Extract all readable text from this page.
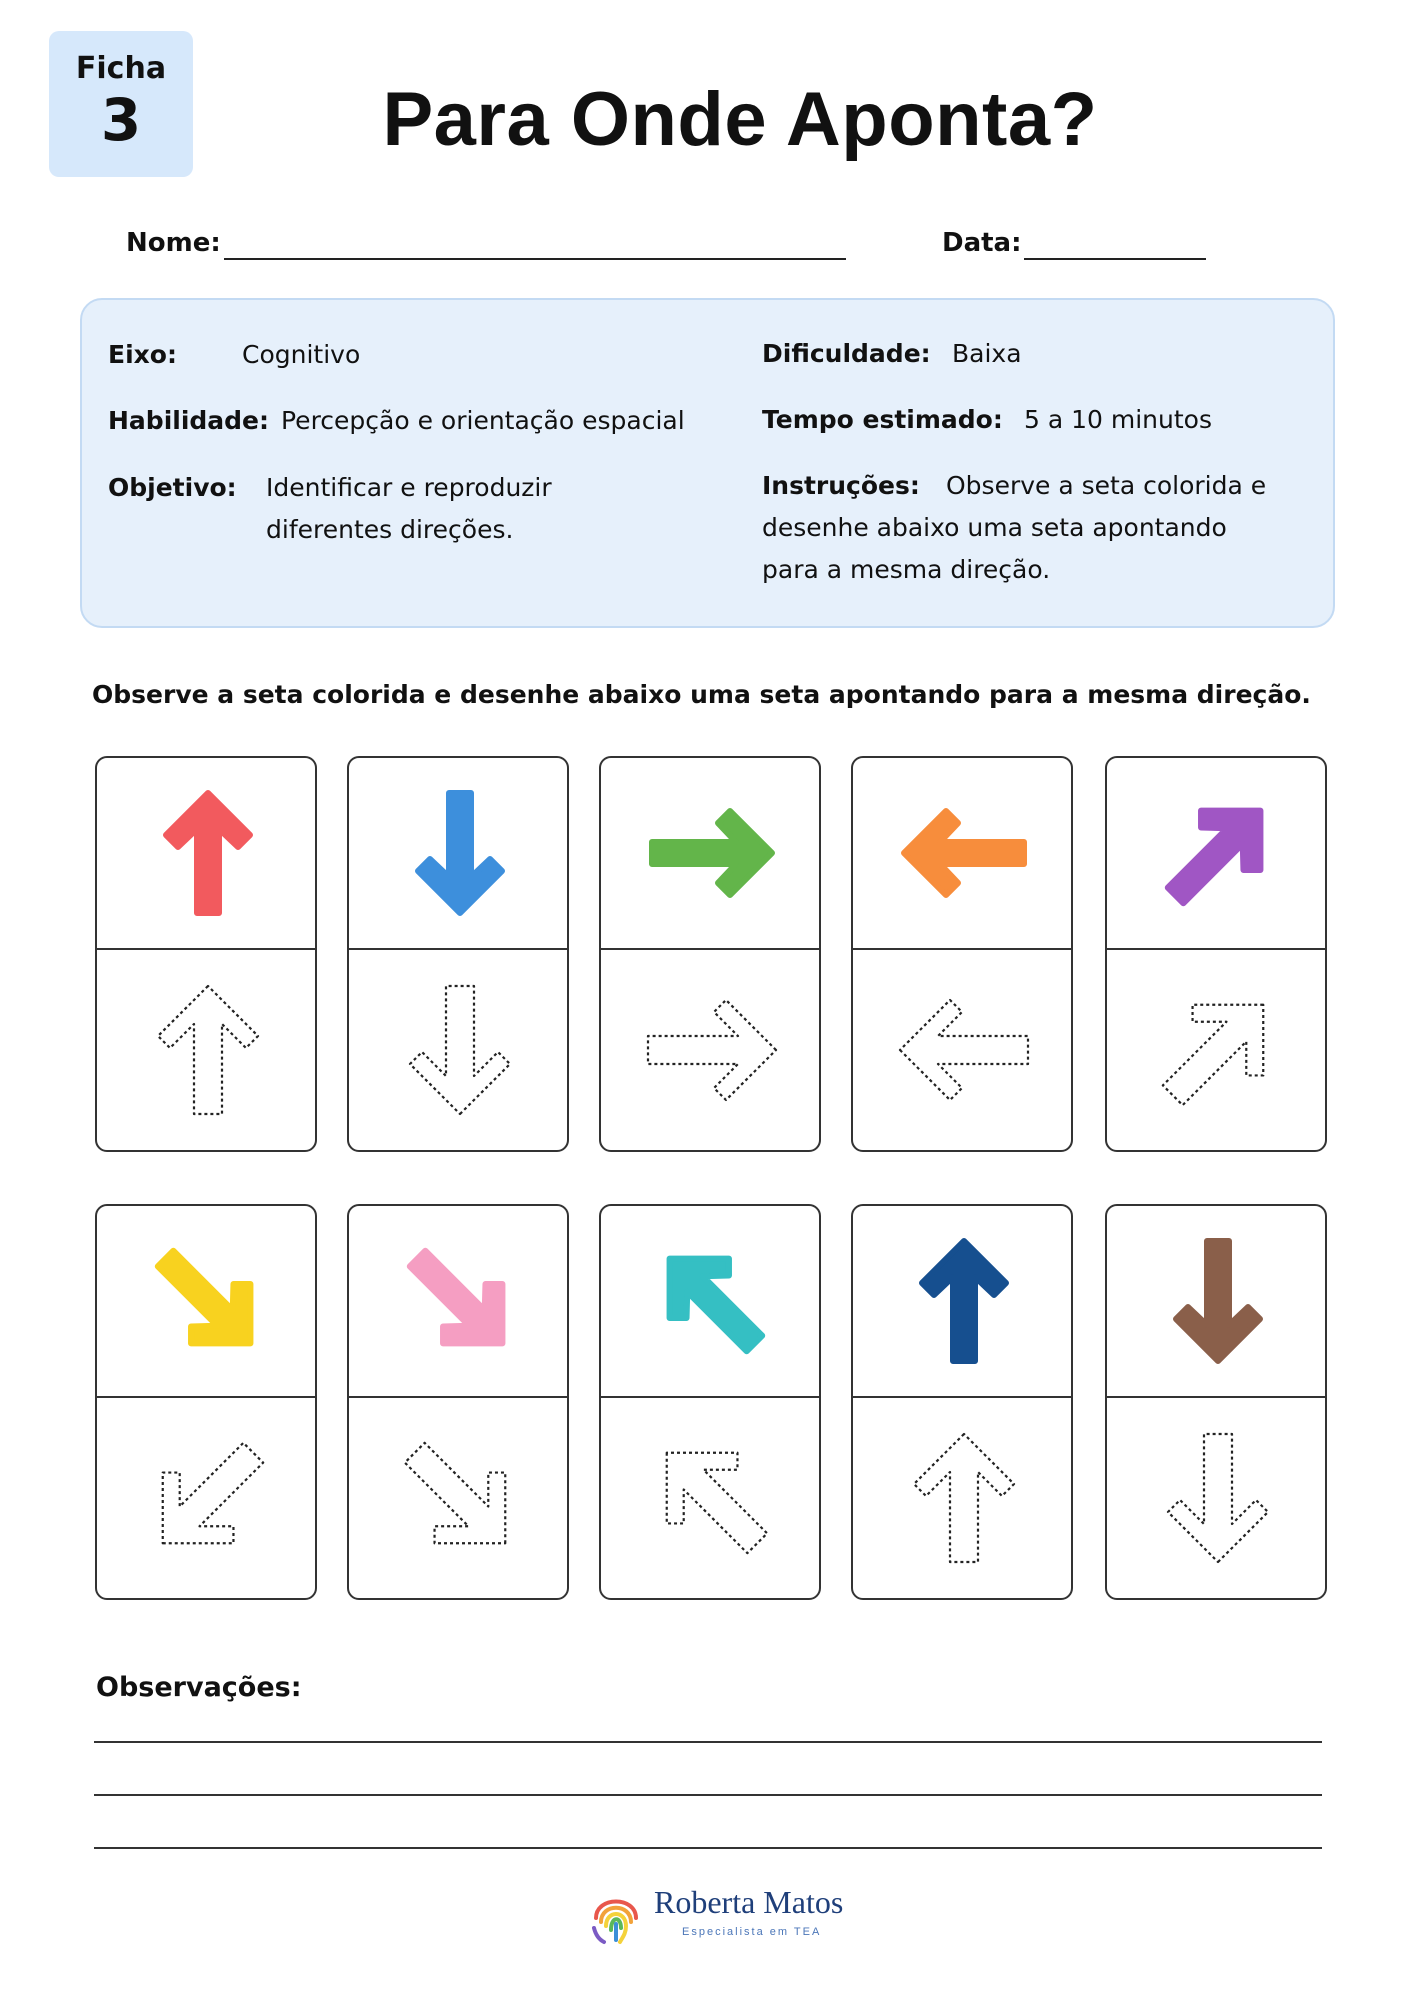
Ficha
3	Para Onde Aponta?
Nome:	Data:
Eixo:	Cognitivo
Habilidade: Percepção e orientação espacial
Objetivo: Identificar e reproduzir
diferentes direções.
Dificuldade: Baixa
Tempo estimado: 5 a 10 minutos
Instruções: Observe a seta colorida e
desenhe abaixo uma seta apontando
para a mesma direção.
Observe a seta colorida e desenhe abaixo uma seta apontando para a mesma direção.
Observações:
Roberta Matos
Especialista em TEA
